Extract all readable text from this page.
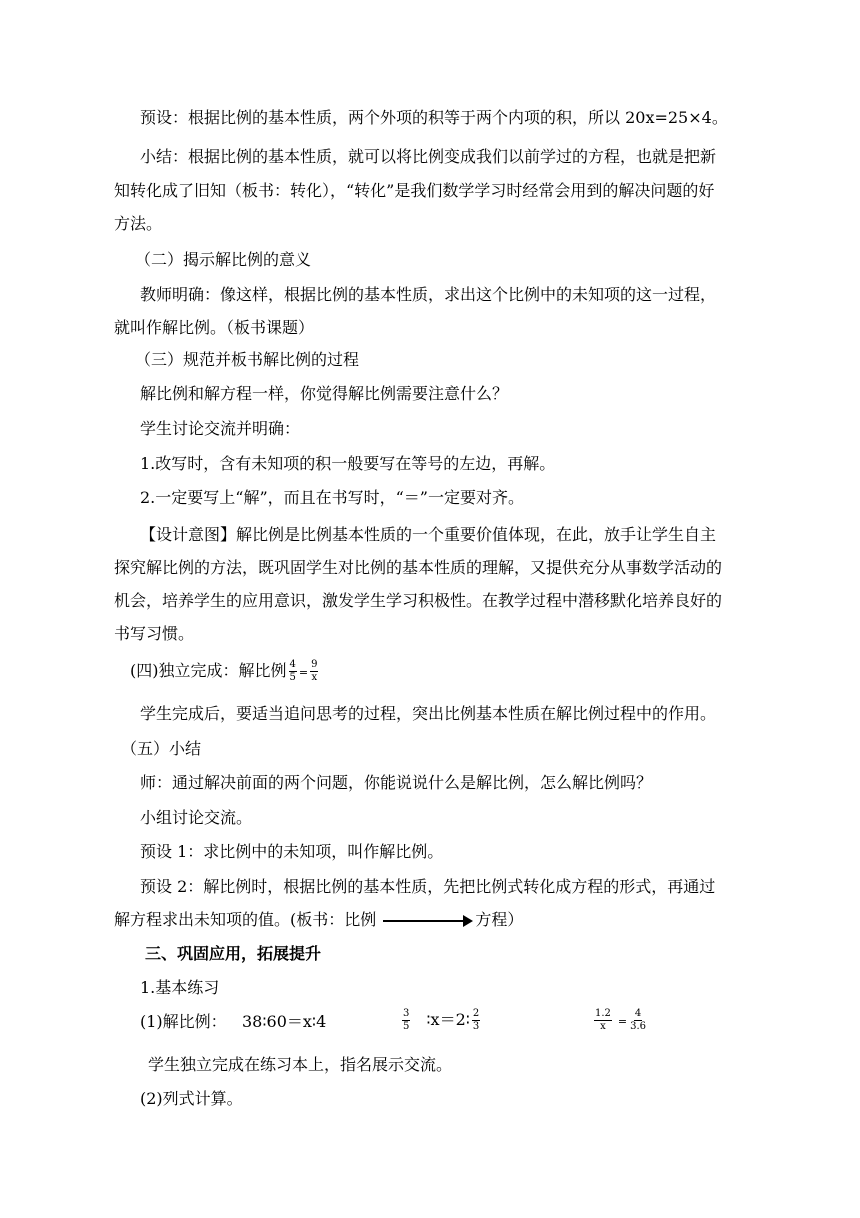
预设：根据比例的基本性质，两个外项的积等于两个内项的积，所以 20x=25×4。
小结：根据比例的基本性质，就可以将比例变成我们以前学过的方程，也就是把新
知转化成了旧知（板书：转化），“转化”是我们数学学习时经常会用到的解决问题的好
方法。
（二）揭示解比例的意义
教师明确：像这样，根据比例的基本性质，求出这个比例中的未知项的这一过程，
就叫作解比例。（板书课题）
（三）规范并板书解比例的过程
解比例和解方程一样，你觉得解比例需要注意什么？
学生讨论交流并明确：
1.改写时，含有未知项的积一般要写在等号的左边，再解。
2.一定要写上“解”，而且在书写时，“＝”一定要对齐。
【设计意图】解比例是比例基本性质的一个重要价值体现，在此，放手让学生自主
探究解比例的方法，既巩固学生对比例的基本性质的理解，又提供充分从事数学活动的
机会，培养学生的应用意识，激发学生学习积极性。在教学过程中潜移默化培养良好的
书写习惯。
(四)独立完成：解比例 $\frac{4}{5} = \frac{9}{x}$
学生完成后，要适当追问思考的过程，突出比例基本性质在解比例过程中的作用。
（五）小结
师：通过解决前面的两个问题，你能说说什么是解比例，怎么解比例吗？
小组讨论交流。
预设 1：求比例中的未知项，叫作解比例。
预设 2：解比例时，根据比例的基本性质，先把比例式转化成方程的形式，再通过
解方程求出未知项的值。(板书：比例	方程）
三、巩固应用，拓展提升
1.基本练习
(1)解比例： 38∶60＝x∶4	$\frac{3}{5}$ ∶x＝2∶ $\frac{2}{3}$	$\frac{1.2}{x} = \frac{4}{3.6}$
学生独立完成在练习本上，指名展示交流。
(2)列式计算。
